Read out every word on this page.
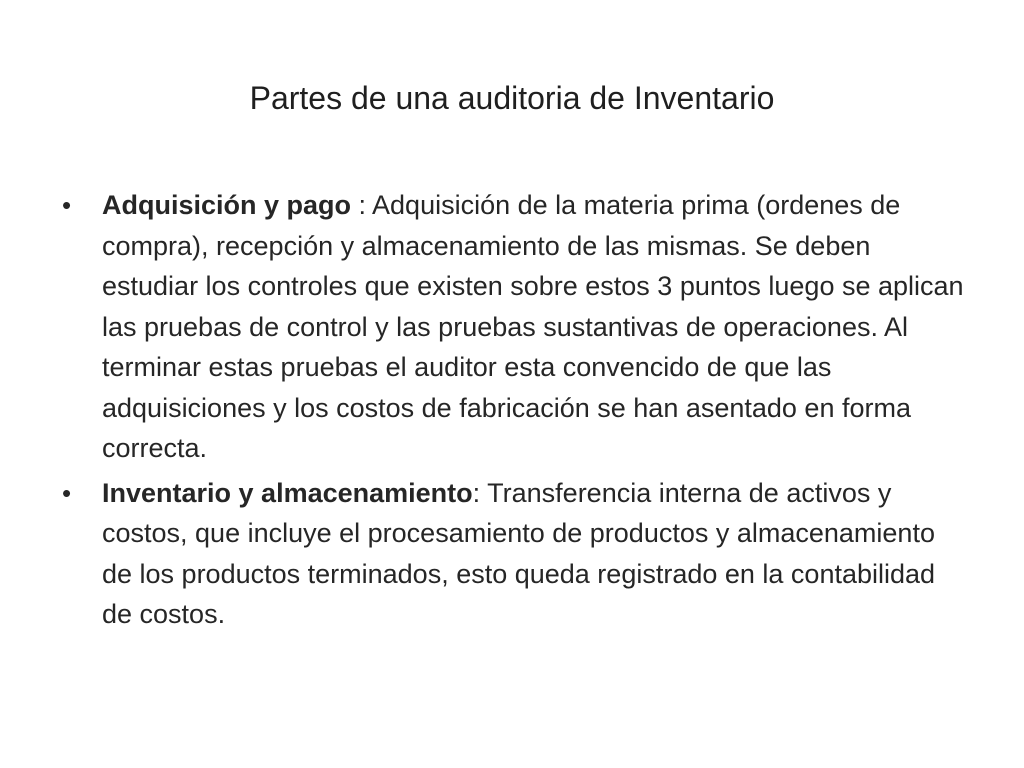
Partes de una auditoria de Inventario
•	Adquisición y pago : Adquisición de la materia prima (ordenes de compra), recepción y almacenamiento de las mismas. Se deben estudiar los controles que existen sobre estos 3 puntos luego se aplican las pruebas de control y las pruebas sustantivas de operaciones. Al terminar estas pruebas el auditor esta convencido de que las adquisiciones y los costos de fabricación se han asentado en forma correcta.
•	Inventario y almacenamiento: Transferencia interna de activos y costos, que incluye el procesamiento de productos y almacenamiento de los productos terminados, esto queda registrado en la contabilidad de costos.
